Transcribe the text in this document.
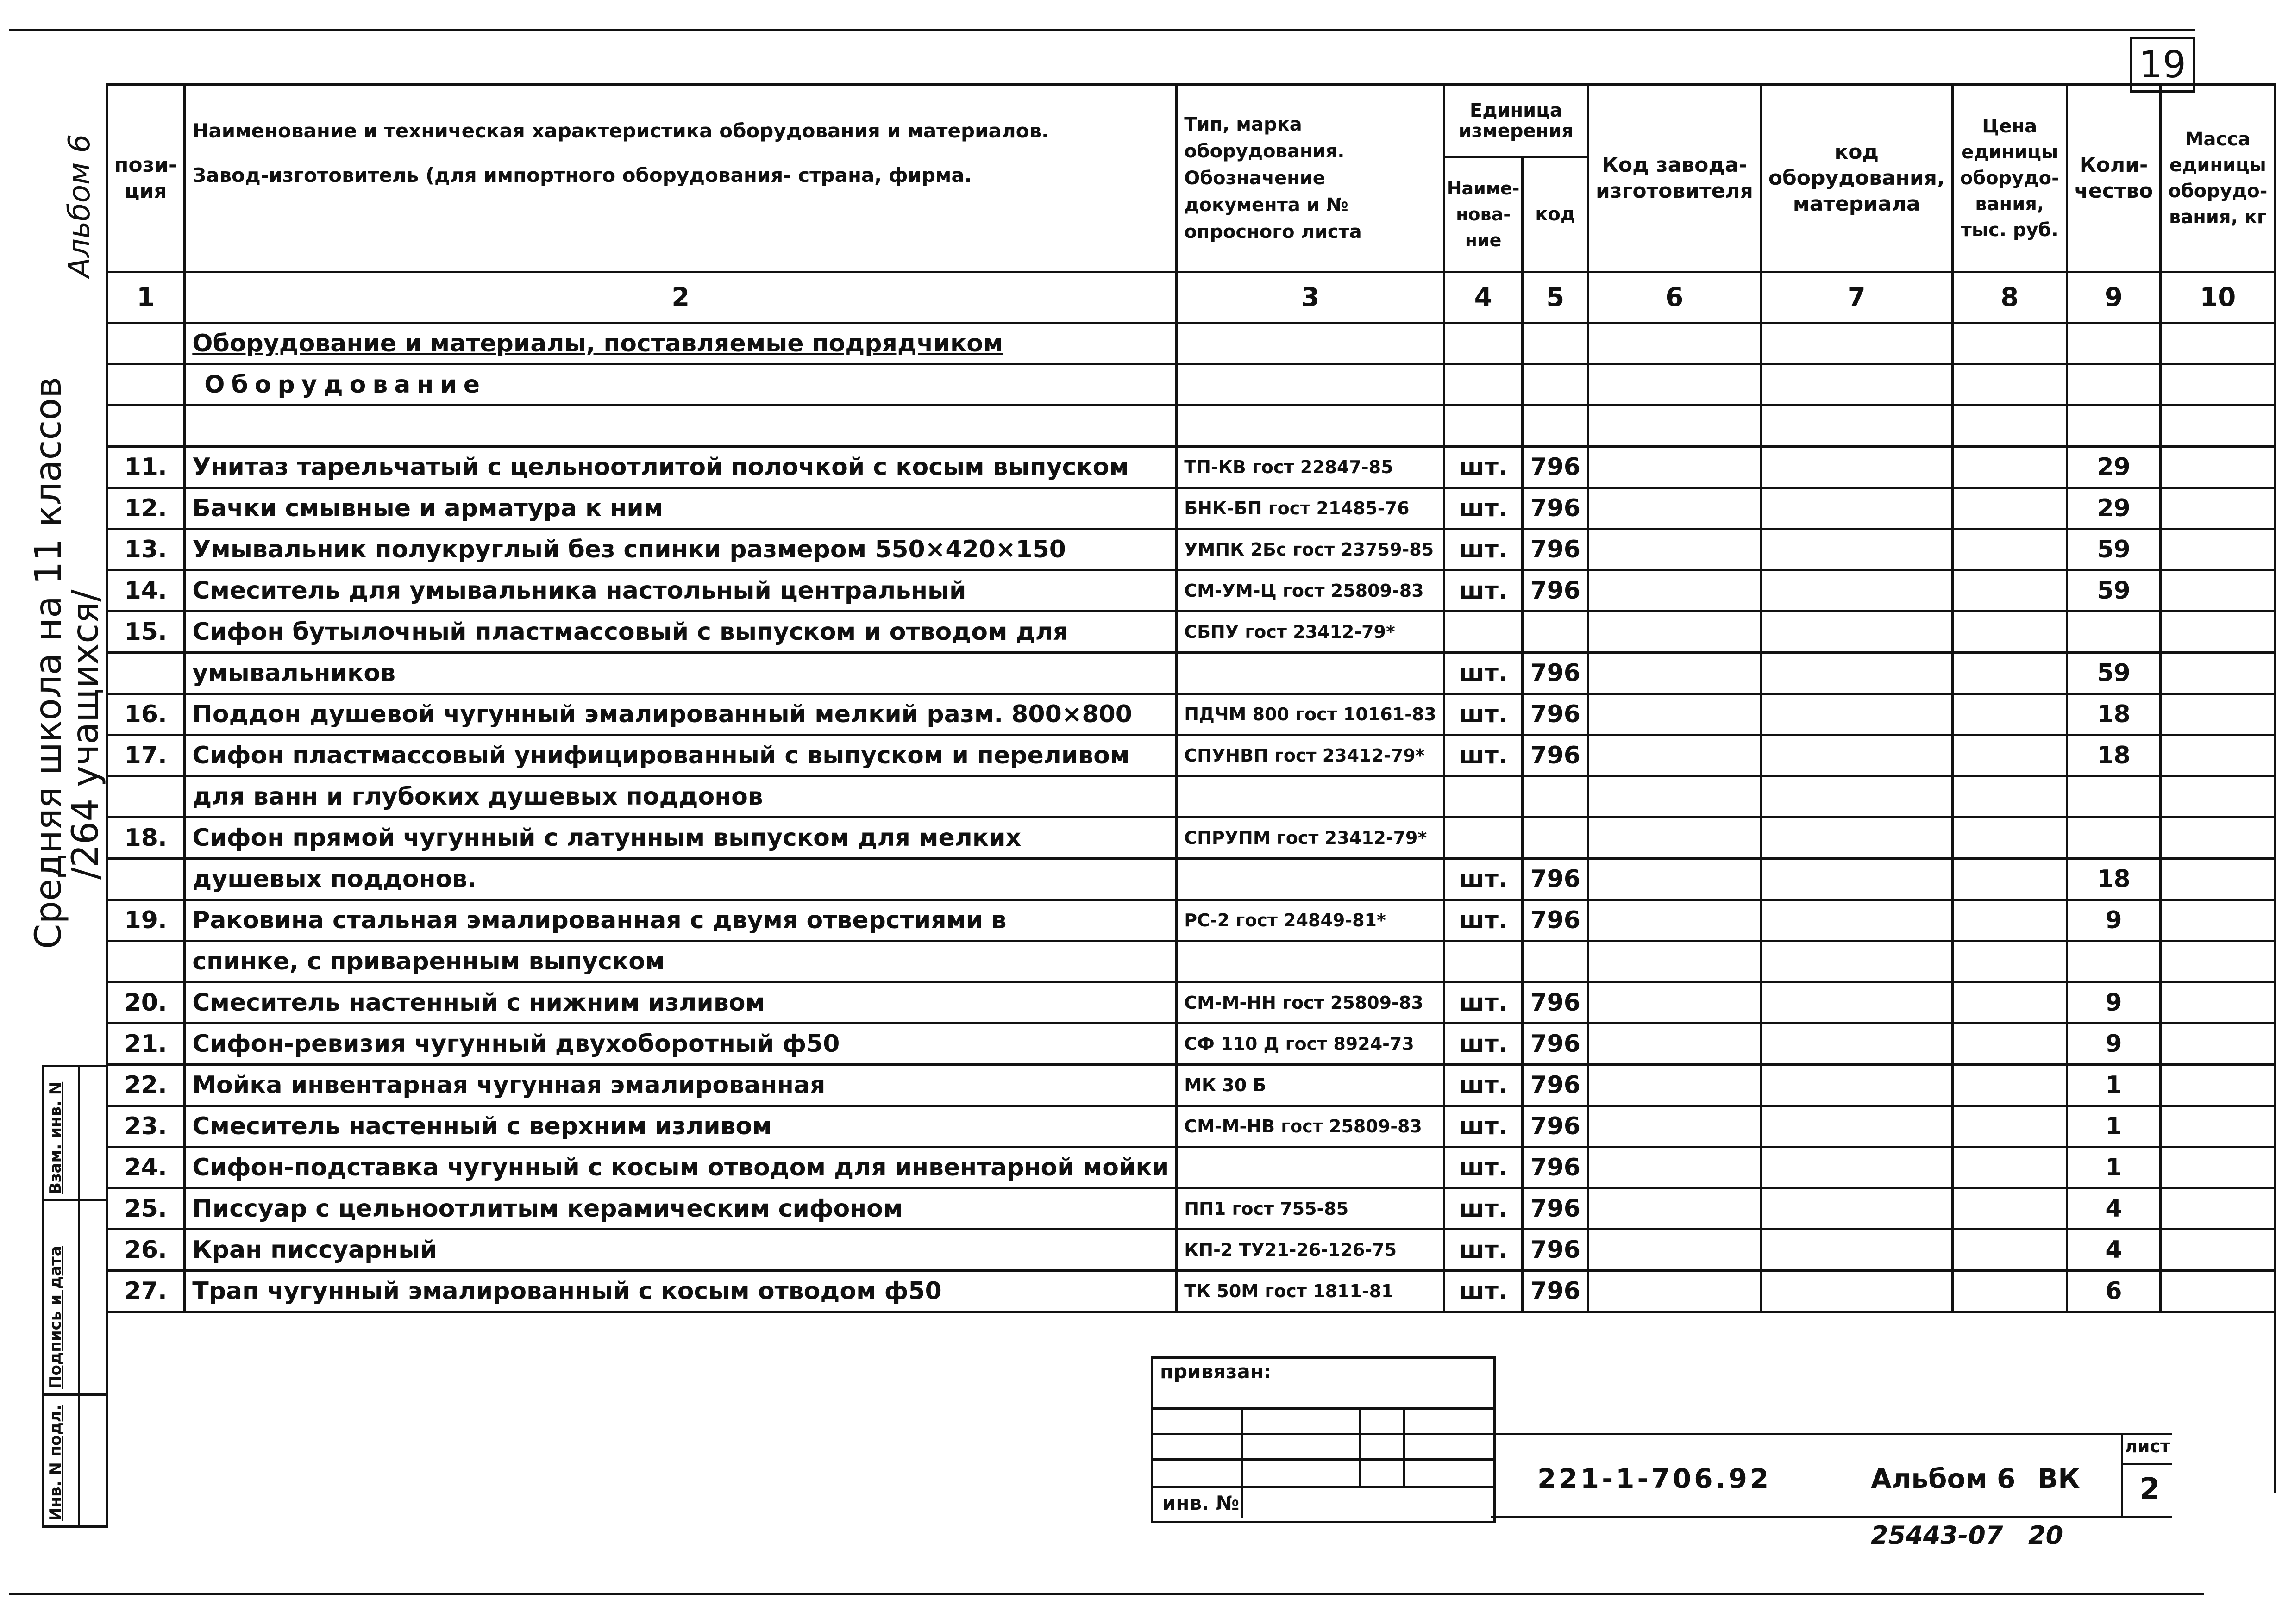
19
Альбом 6
Средняя школа на 11 классов
/264 учащихся/
пози-ция	Наименование и техническая характеристика оборудования и материалов.
Завод-изготовитель (для импортного оборудования- страна, фирма.	Тип, марка оборудования. Обозначение документа и № опросного листа	Единица измерения		Код завода-изготовителя	код оборудования, материала	Цена единицы оборудо-вания, тыс. руб.	Коли-чество	Масса единицы оборудо-вания, кг
			Наиме-нова-ние	код					
1	2	3	4	5	6	7	8	9	10
	Оборудование и материалы, поставляемые подрядчиком								
	Оборудование								

11.	Унитаз тарельчатый с цельноотлитой полочкой с косым выпуском	ТП-КВ гост 22847-85	шт.	796				29	
12.	Бачки смывные и арматура к ним	БНК-БП гост 21485-76	шт.	796				29	
13.	Умывальник полукруглый без спинки размером 550×420×150	УМПК 2Бс гост 23759-85	шт.	796				59	
14.	Смеситель для умывальника настольный центральный	СМ-УМ-Ц гост 25809-83	шт.	796				59	
15.	Сифон бутылочный пластмассовый с выпуском и отводом для	СБПУ гост 23412-79*							
	умывальников		шт.	796				59	
16.	Поддон душевой чугунный эмалированный мелкий разм. 800×800	ПДЧМ 800 гост 10161-83	шт.	796				18	
17.	Сифон пластмассовый унифицированный с выпуском и переливом	СПУНВП гост 23412-79*	шт.	796				18	
	для ванн и глубоких душевых поддонов								
18.	Сифон прямой чугунный с латунным выпуском для мелких	СПРУПМ гост 23412-79*							
	душевых поддонов.		шт.	796				18	
19.	Раковина стальная эмалированная с двумя отверстиями в	РС-2 гост 24849-81*	шт.	796				9	
	спинке, с приваренным выпуском								
20.	Смеситель настенный с нижним изливом	СМ-М-НН гост 25809-83	шт.	796				9	
21.	Сифон-ревизия чугунный двухоборотный ф50	СФ 110 Д гост 8924-73	шт.	796				9	
22.	Мойка инвентарная чугунная эмалированная	МК 30 Б	шт.	796				1	
23.	Смеситель настенный с верхним изливом	СМ-М-НВ гост 25809-83	шт.	796				1	
24.	Сифон-подставка чугунный с косым отводом для инвентарной мойки		шт.	796				1	
25.	Писсуар с цельноотлитым керамическим сифоном	ПП1 гост 755-85	шт.	796				4	
26.	Кран писсуарный	КП-2 ТУ21-26-126-75	шт.	796				4	
27.	Трап чугунный эмалированный с косым отводом ф50	ТК 50М гост 1811-81	шт.	796				6	

Инв. N подл.
Подпись и дата
Взам. инв. N
привязан:
инв. №
221-1-706.92	Альбом 6 ВК
лист
2
25443-07 20
